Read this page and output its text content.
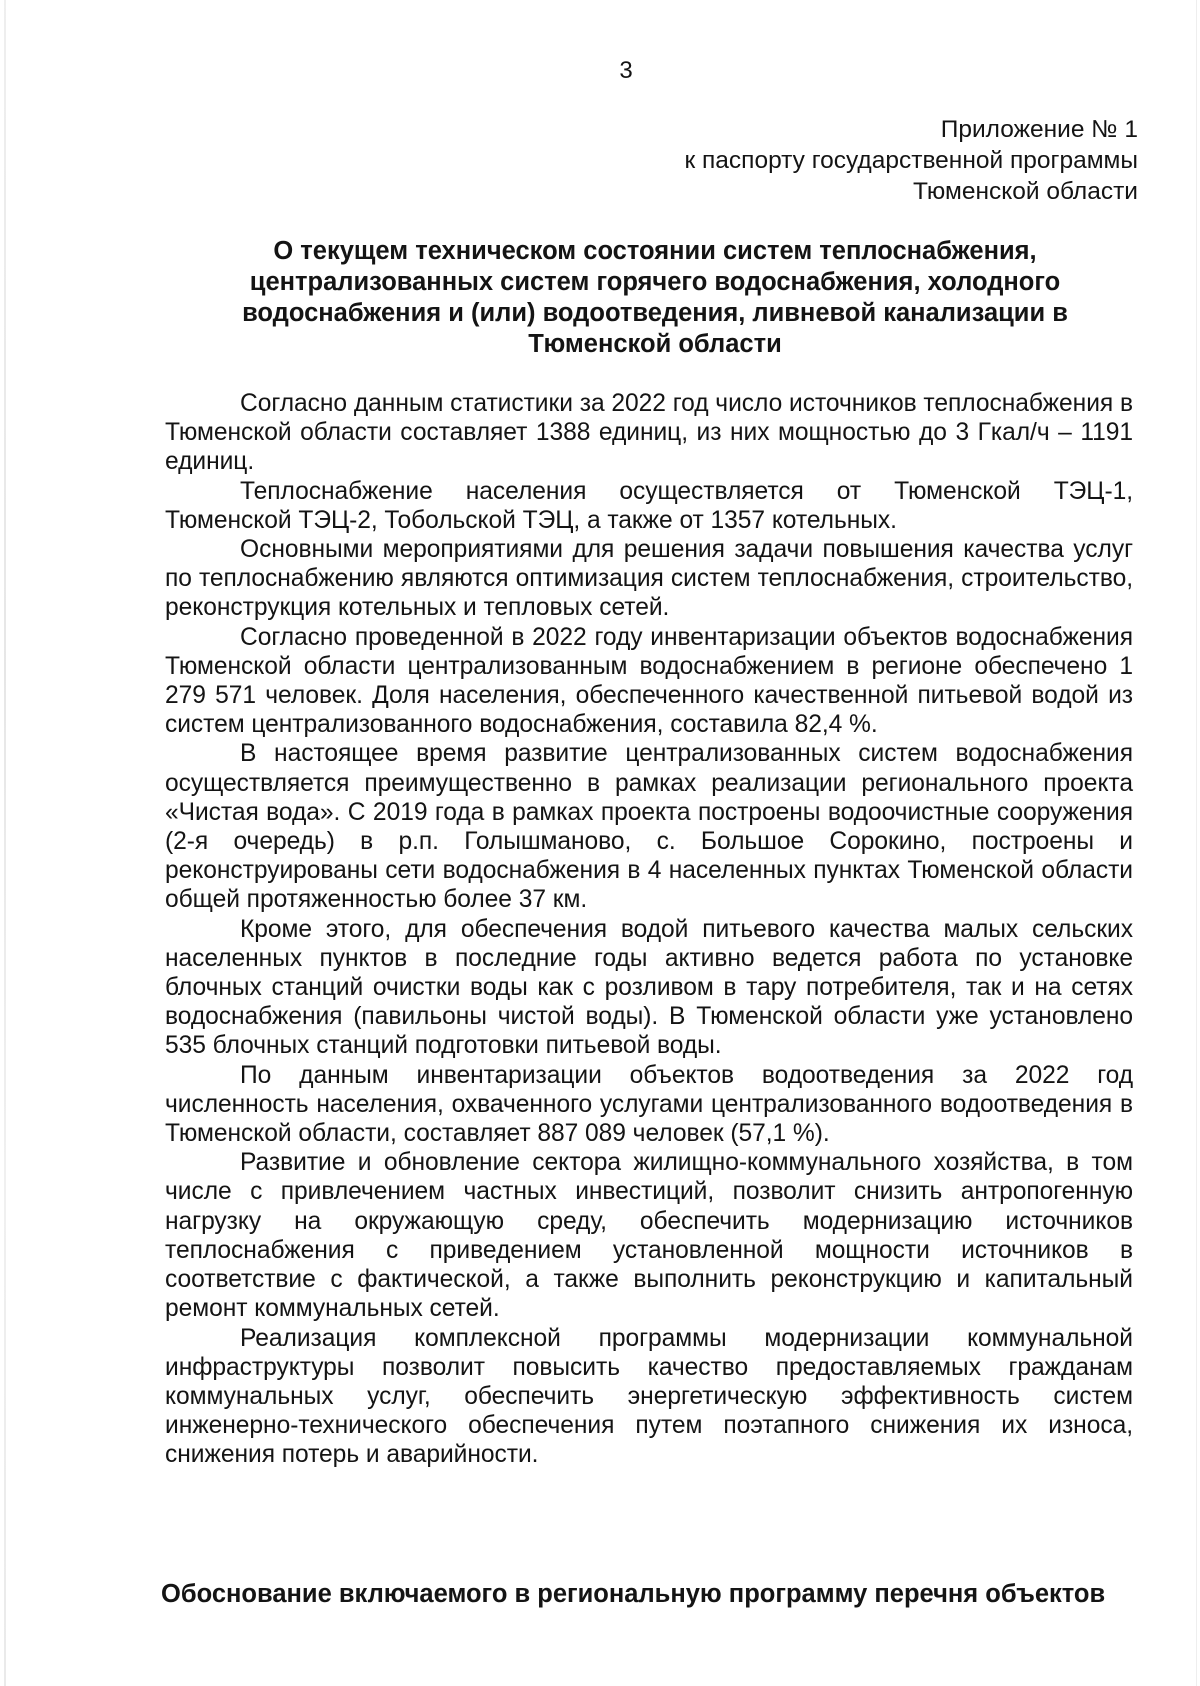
3
Приложение № 1
к паспорту государственной программы
Тюменской области
О текущем техническом состоянии систем теплоснабжения,
централизованных систем горячего водоснабжения, холодного
водоснабжения и (или) водоотведения, ливневой канализации в
Тюменской области

Согласно данным статистики за 2022 год число источников теплоснабжения в Тюменской области составляет 1388 единиц, из них мощностью до 3 Гкал/ч – 1191 единиц.

Теплоснабжение населения осуществляется от Тюменской ТЭЦ-1, Тюменской ТЭЦ-2, Тобольской ТЭЦ, а также от 1357 котельных.

Основными мероприятиями для решения задачи повышения качества услуг по теплоснабжению являются оптимизация систем теплоснабжения, строительство, реконструкция котельных и тепловых сетей.

Согласно проведенной в 2022 году инвентаризации объектов водоснабжения Тюменской области централизованным водоснабжением в регионе обеспечено 1 279 571 человек. Доля населения, обеспеченного качественной питьевой водой из систем централизованного водоснабжения, составила 82,4 %.

В настоящее время развитие централизованных систем водоснабжения осуществляется преимущественно в рамках реализации регионального проекта «Чистая вода». С 2019 года в рамках проекта построены водоочистные сооружения (2-я очередь) в р.п. Голышманово, с. Большое Сорокино, построены и реконструированы сети водоснабжения в 4 населенных пунктах Тюменской области общей протяженностью более 37 км.

Кроме этого, для обеспечения водой питьевого качества малых сельских населенных пунктов в последние годы активно ведется работа по установке блочных станций очистки воды как с розливом в тару потребителя, так и на сетях водоснабжения (павильоны чистой воды). В Тюменской области уже установлено 535 блочных станций подготовки питьевой воды.

По данным инвентаризации объектов водоотведения за 2022 год численность населения, охваченного услугами централизованного водоотведения в Тюменской области, составляет 887 089 человек (57,1 %).

Развитие и обновление сектора жилищно-коммунального хозяйства, в том числе с привлечением частных инвестиций, позволит снизить антропогенную нагрузку на окружающую среду, обеспечить модернизацию источников теплоснабжения с приведением установленной мощности источников в соответствие с фактической, а также выполнить реконструкцию и капитальный ремонт коммунальных сетей.

Реализация комплексной программы модернизации коммунальной инфраструктуры позволит повысить качество предоставляемых гражданам коммунальных услуг, обеспечить энергетическую эффективность систем инженерно-технического обеспечения путем поэтапного снижения их износа, снижения потерь и аварийности.

Обоснование включаемого в региональную программу перечня объектов
